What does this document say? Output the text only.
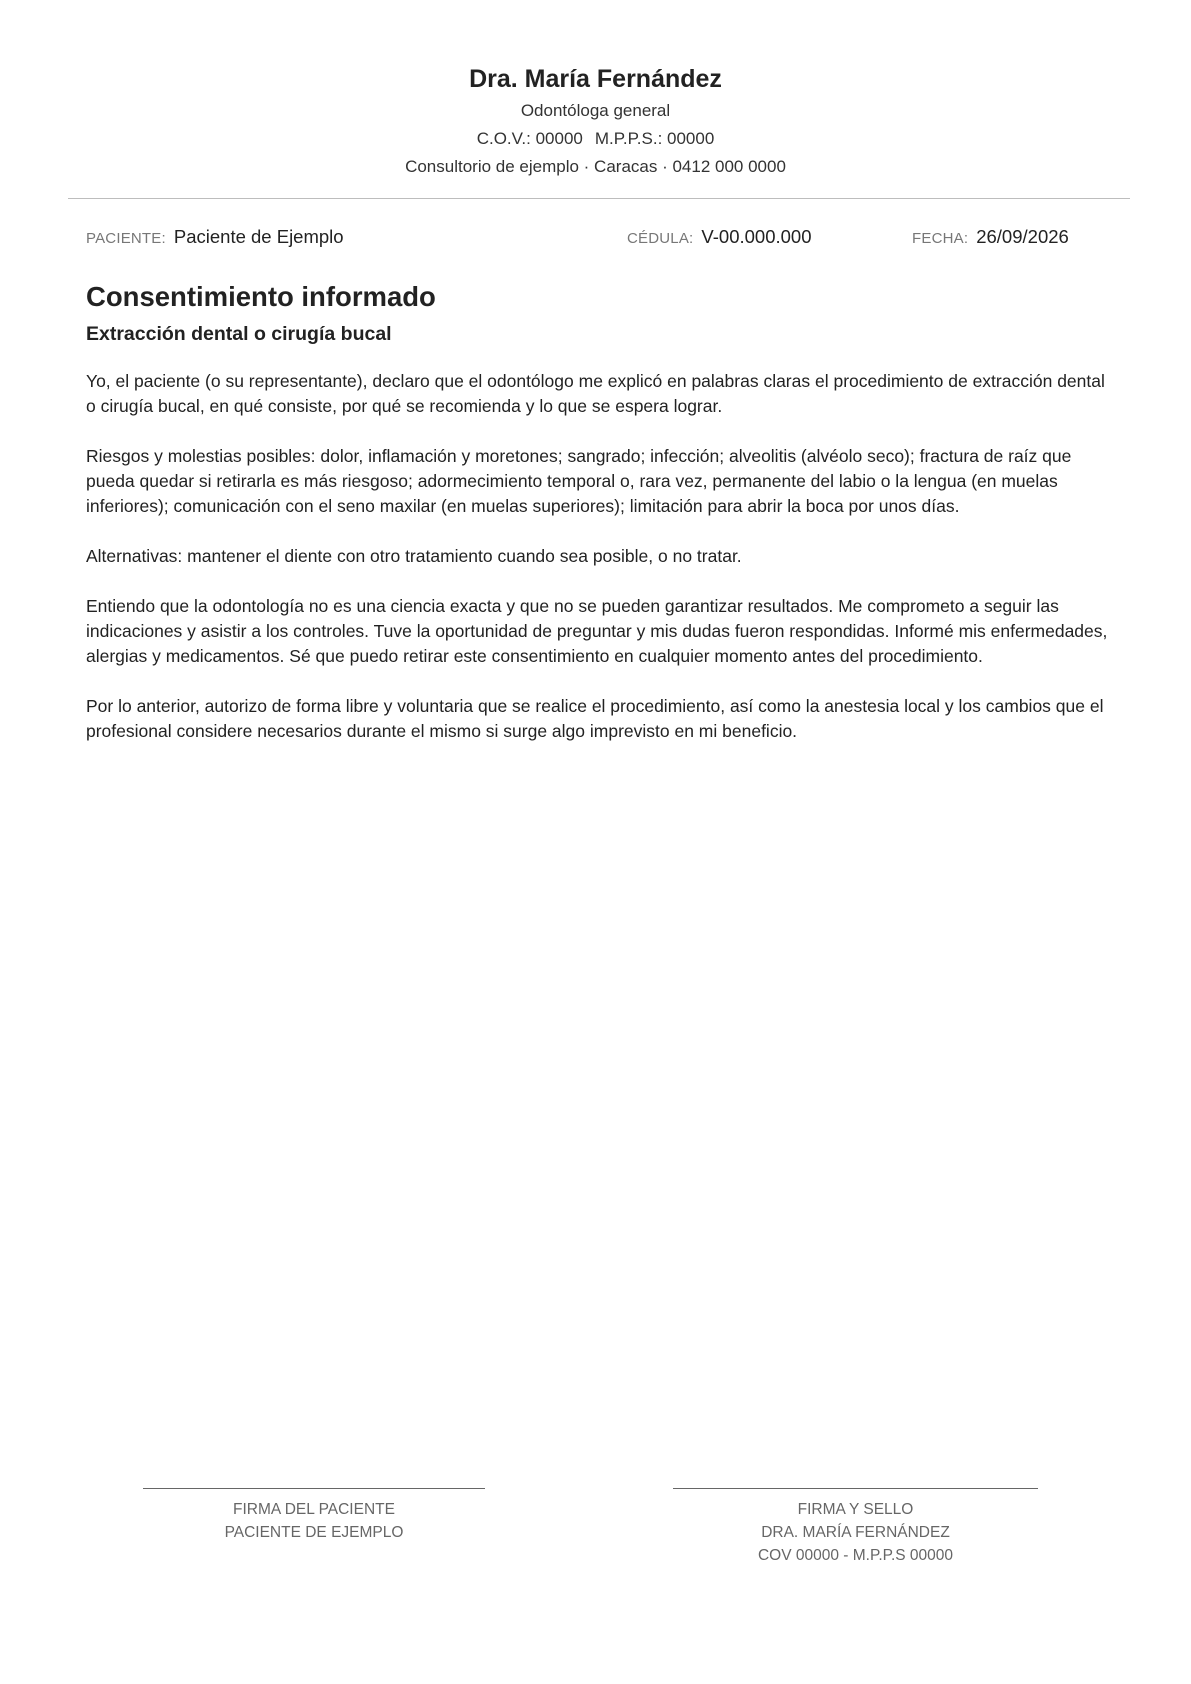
Dra. María Fernández
Odontóloga general
C.O.V.: 00000 M.P.P.S.: 00000
Consultorio de ejemplo · Caracas · 0412 000 0000
PACIENTE: Paciente de Ejemplo	CÉDULA: V-00.000.000	FECHA: 26/09/2026
Consentimiento informado
Extracción dental o cirugía bucal

Yo, el paciente (o su representante), declaro que el odontólogo me explicó en palabras claras el procedimiento de extracción dental o cirugía bucal, en qué consiste, por qué se recomienda y lo que se espera lograr.

Riesgos y molestias posibles: dolor, inflamación y moretones; sangrado; infección; alveolitis (alvéolo seco); fractura de raíz que pueda quedar si retirarla es más riesgoso; adormecimiento temporal o, rara vez, permanente del labio o la lengua (en muelas inferiores); comunicación con el seno maxilar (en muelas superiores); limitación para abrir la boca por unos días.

Alternativas: mantener el diente con otro tratamiento cuando sea posible, o no tratar.

Entiendo que la odontología no es una ciencia exacta y que no se pueden garantizar resultados. Me comprometo a seguir las indicaciones y asistir a los controles. Tuve la oportunidad de preguntar y mis dudas fueron respondidas. Informé mis enfermedades, alergias y medicamentos. Sé que puedo retirar este consentimiento en cualquier momento antes del procedimiento.

Por lo anterior, autorizo de forma libre y voluntaria que se realice el procedimiento, así como la anestesia local y los cambios que el profesional considere necesarios durante el mismo si surge algo imprevisto en mi beneficio.

FIRMA DEL PACIENTE
PACIENTE DE EJEMPLO
FIRMA Y SELLO
DRA. MARÍA FERNÁNDEZ
COV 00000 - M.P.P.S 00000
